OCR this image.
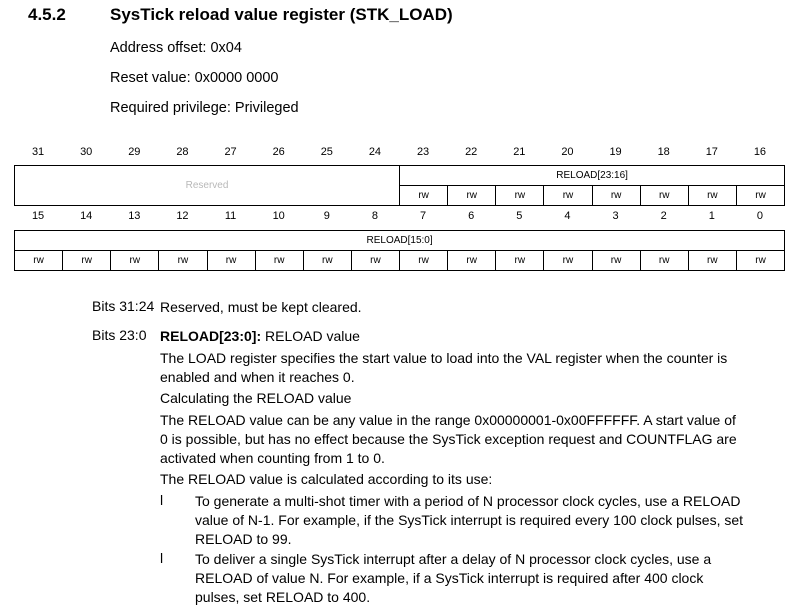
4.5.2	SysTick reload value register (STK_LOAD)
Address offset: 0x04
Reset value: 0x0000 0000
Required privilege: Privileged
31	30	29	28	27	26	25	24	23	22	21	20	19	18	17	16
Reserved	RELOAD[23:16]							
	rw	rw	rw	rw	rw	rw	rw	rw
15	14	13	12	11	10	9	8	7	6	5	4	3	2	1	0
RELOAD[15:0]
rw	rw	rw	rw	rw	rw	rw	rw	rw	rw	rw	rw	rw	rw	rw	rw
Bits 31:24 Reserved, must be kept cleared.
Bits 23:0 RELOAD[23:0]: RELOAD value
The LOAD register specifies the start value to load into the VAL register when the counter is
enabled and when it reaches 0.
Calculating the RELOAD value
The RELOAD value can be any value in the range 0x00000001-0x00FFFFFF. A start value of
0 is possible, but has no effect because the SysTick exception request and COUNTFLAG are
activated when counting from 1 to 0.
The RELOAD value is calculated according to its use:
l To generate a multi-shot timer with a period of N processor clock cycles, use a RELOAD
value of N-1. For example, if the SysTick interrupt is required every 100 clock pulses, set
RELOAD to 99.
l To deliver a single SysTick interrupt after a delay of N processor clock cycles, use a
RELOAD of value N. For example, if a SysTick interrupt is required after 400 clock
pulses, set RELOAD to 400.
